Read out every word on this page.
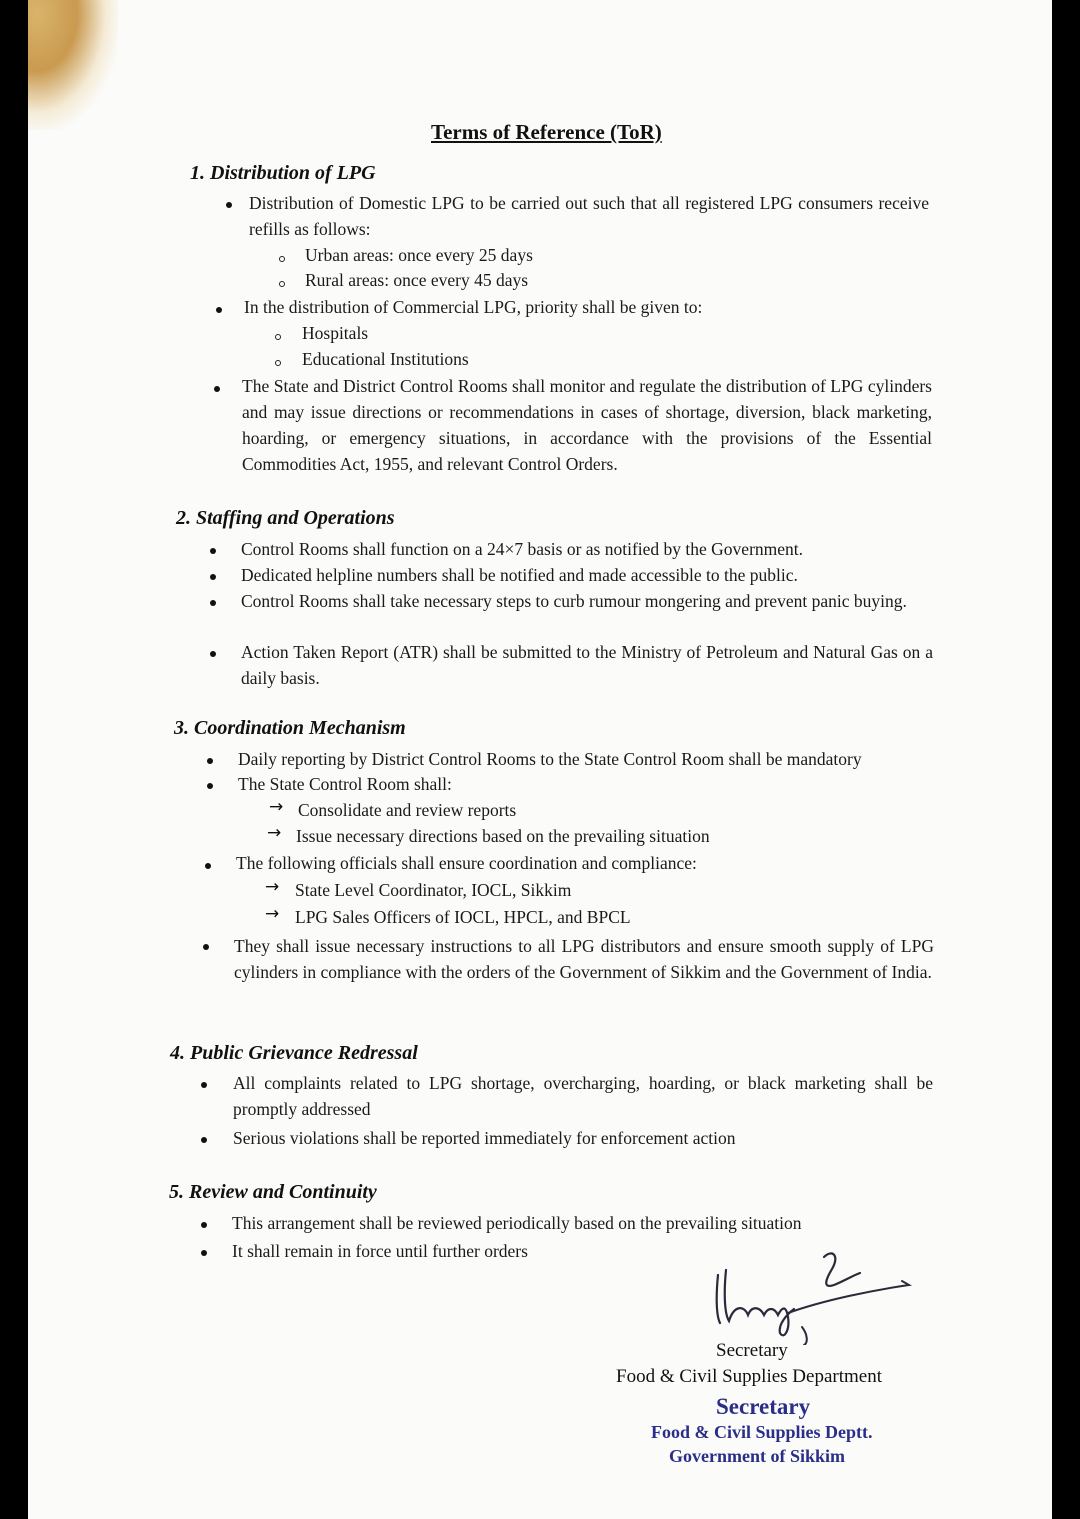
Terms of Reference (ToR)
1. Distribution of LPG
Distribution of Domestic LPG to be carried out such that all registered LPG consumers receive refills as follows:
Urban areas: once every 25 days
Rural areas: once every 45 days
In the distribution of Commercial LPG, priority shall be given to:
Hospitals
Educational Institutions
The State and District Control Rooms shall monitor and regulate the distribution of LPG cylinders and may issue directions or recommendations in cases of shortage, diversion, black marketing, hoarding, or emergency situations, in accordance with the provisions of the Essential Commodities Act, 1955, and relevant Control Orders.
2. Staffing and Operations
Control Rooms shall function on a 24×7 basis or as notified by the Government.
Dedicated helpline numbers shall be notified and made accessible to the public.
Control Rooms shall take necessary steps to curb rumour mongering and prevent panic buying.
Action Taken Report (ATR) shall be submitted to the Ministry of Petroleum and Natural Gas on a daily basis.
3. Coordination Mechanism
Daily reporting by District Control Rooms to the State Control Room shall be mandatory
The State Control Room shall:
→ Consolidate and review reports
→ Issue necessary directions based on the prevailing situation
The following officials shall ensure coordination and compliance:
→ State Level Coordinator, IOCL, Sikkim
→ LPG Sales Officers of IOCL, HPCL, and BPCL
They shall issue necessary instructions to all LPG distributors and ensure smooth supply of LPG cylinders in compliance with the orders of the Government of Sikkim and the Government of India.
4. Public Grievance Redressal
All complaints related to LPG shortage, overcharging, hoarding, or black marketing shall be promptly addressed
Serious violations shall be reported immediately for enforcement action
5. Review and Continuity
This arrangement shall be reviewed periodically based on the prevailing situation
It shall remain in force until further orders
Secretary
Food & Civil Supplies Department
Secretary
Food & Civil Supplies Deptt.
Government of Sikkim
